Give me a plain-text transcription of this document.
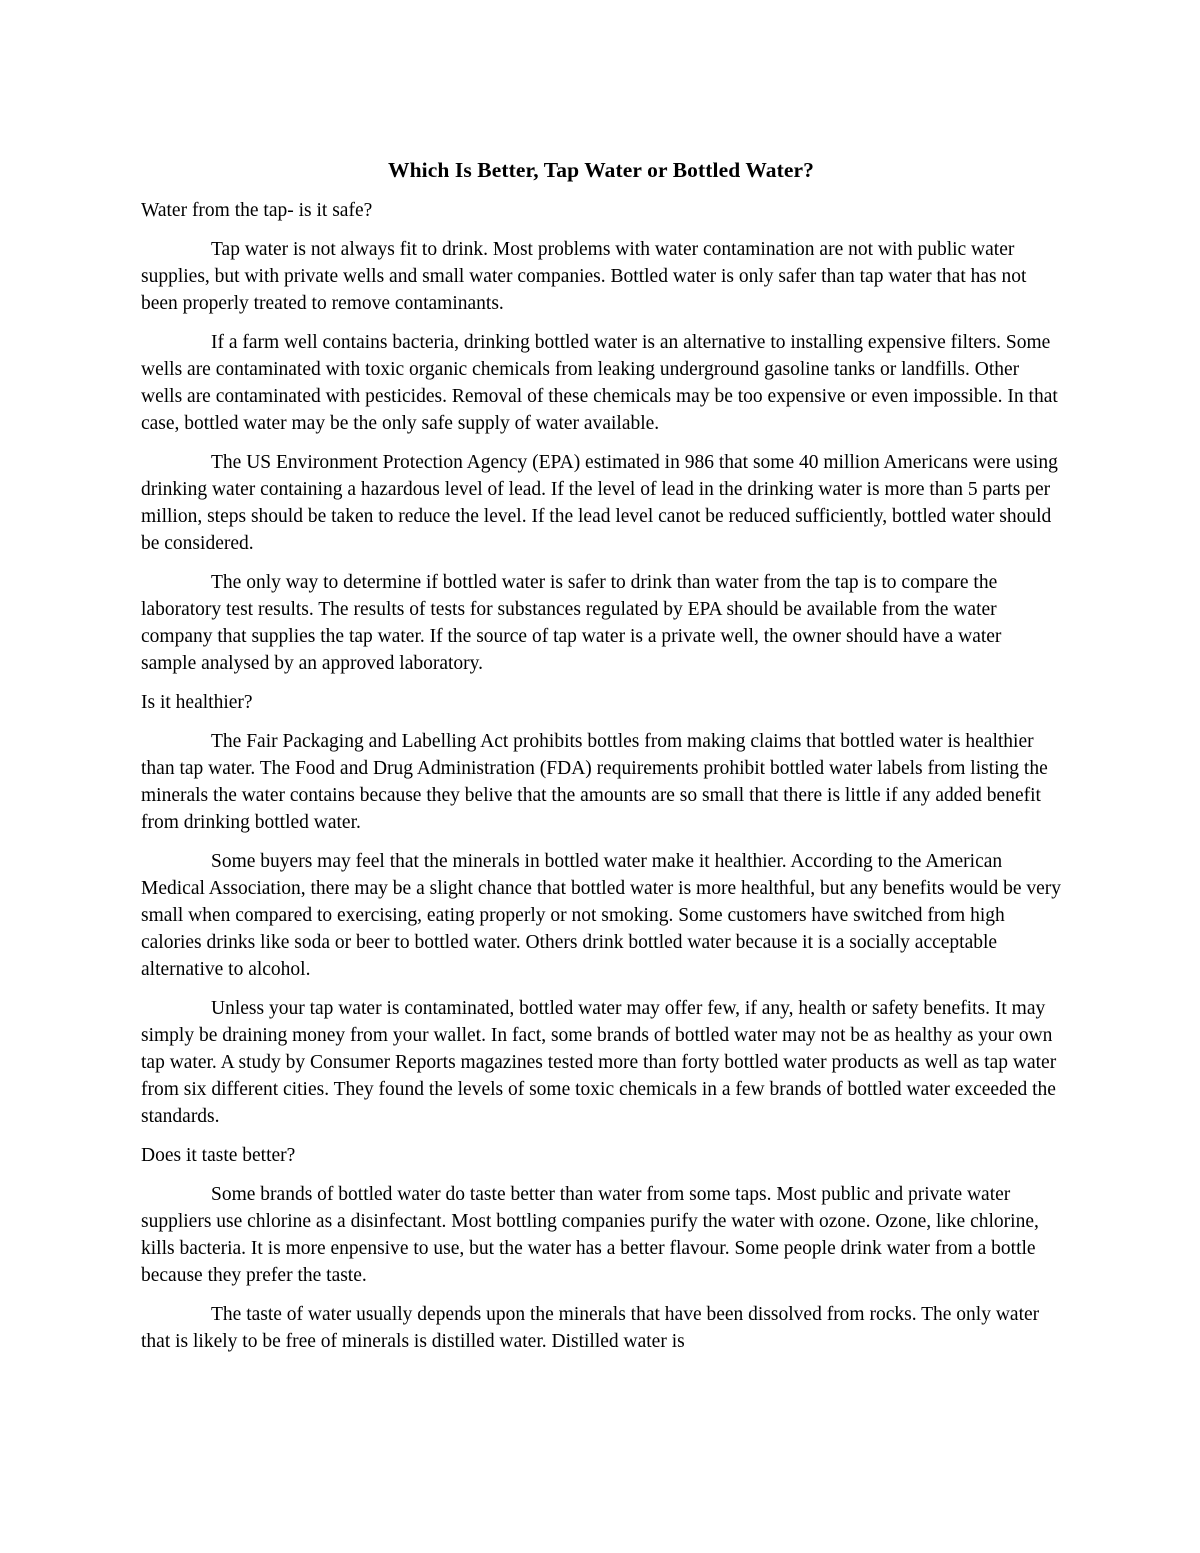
Which Is Better, Tap Water or Bottled Water?
Water from the tap- is it safe?

Tap water is not always fit to drink. Most problems with water contamination are not with public water supplies, but with private wells and small water companies. Bottled water is only safer than tap water that has not been properly treated to remove contaminants.

If a farm well contains bacteria, drinking bottled water is an alternative to installing expensive filters. Some wells are contaminated with toxic organic chemicals from leaking underground gasoline tanks or landfills. Other wells are contaminated with pesticides. Removal of these chemicals may be too expensive or even impossible. In that case, bottled water may be the only safe supply of water available.

The US Environment Protection Agency (EPA) estimated in 986 that some 40 million Americans were using drinking water containing a hazardous level of lead. If the level of lead in the drinking water is more than 5 parts per million, steps should be taken to reduce the level. If the lead level canot be reduced sufficiently, bottled water should be considered.

The only way to determine if bottled water is safer to drink than water from the tap is to compare the laboratory test results. The results of tests for substances regulated by EPA should be available from the water company that supplies the tap water. If the source of tap water is a private well, the owner should have a water sample analysed by an approved laboratory.

Is it healthier?

The Fair Packaging and Labelling Act prohibits bottles from making claims that bottled water is healthier than tap water. The Food and Drug Administration (FDA) requirements prohibit bottled water labels from listing the minerals the water contains because they belive that the amounts are so small that there is little if any added benefit from drinking bottled water.

Some buyers may feel that the minerals in bottled water make it healthier. According to the American Medical Association, there may be a slight chance that bottled water is more healthful, but any benefits would be very small when compared to exercising, eating properly or not smoking. Some customers have switched from high calories drinks like soda or beer to bottled water. Others drink bottled water because it is a socially acceptable alternative to alcohol.

Unless your tap water is contaminated, bottled water may offer few, if any, health or safety benefits. It may simply be draining money from your wallet. In fact, some brands of bottled water may not be as healthy as your own tap water. A study by Consumer Reports magazines tested more than forty bottled water products as well as tap water from six different cities. They found the levels of some toxic chemicals in a few brands of bottled water exceeded the standards.

Does it taste better?

Some brands of bottled water do taste better than water from some taps. Most public and private water suppliers use chlorine as a disinfectant. Most bottling companies purify the water with ozone. Ozone, like chlorine, kills bacteria. It is more enpensive to use, but the water has a better flavour. Some people drink water from a bottle because they prefer the taste.

The taste of water usually depends upon the minerals that have been dissolved from rocks. The only water that is likely to be free of minerals is distilled water. Distilled water is
